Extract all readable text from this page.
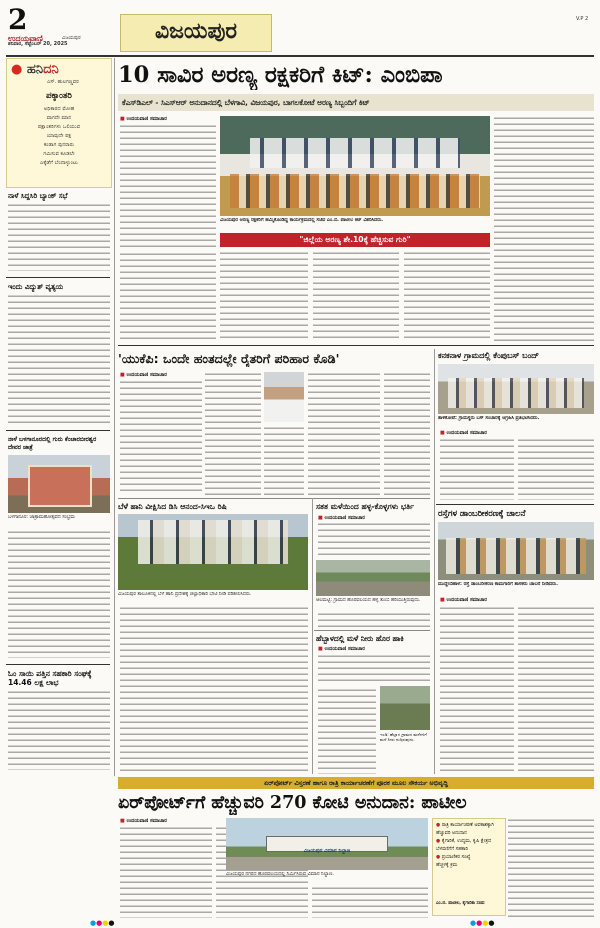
2
ಉದಯವಾಣಿ	ವಿಜಯಪುರ
ಶನಿವಾರ, ಸೆಪ್ಟೆಂಬರ್ 20, 2025	ವಿಜಯಪುರ	V.P 2
● ಹನಿದನಿ
ಎಸ್. ಹುಲಗಣ್ಣವರ
ಪಕ್ಕಾಂತರಿ
ಅಧಿಕಾರದ ಮೋಹ
ವಾಗದೇ ಮಾನ
ಪಕ್ಷಾಂತರಿಗಳು ಒಲಿಯುವ
ಯಾವುದೇ ಪಕ್ಷ
ಕಂಡಾಗ ಪುನರಾರು
ಗಮಿಸುವ ಕೂಡಲೇ
ಎಕ್ಕೆಡೆಗೆ ಬೆಂದಾಳ್ಳುಂಟು
ನಾಳೆ ಸಿದ್ದಸಿರಿ ಬ್ಯಾಂಕ್ ಸಭೆ
ಇಂದು ವಿದ್ಯುತ್ ವ್ಯತ್ಯಯ
ನಾಳೆ ಬಳಗಾನೂರದಲ್ಲಿ ಗುರು ಕೆಂಚಾರಬೀರಶ್ವರ ದೇವರ ಜಾತ್ರೆ
ಬಳಗಾನೂರ: ಜಾತ್ರಾಮಹೋತ್ಸವದ ಸಂಭ್ರಮ
ಓಂ ಸಾಯಿ ಪತ್ತಿನ ಸಹಕಾರಿ ಸಂಘಕ್ಕೆ 14.46 ಲಕ್ಷ ಲಾಭ
10 ಸಾವಿರ ಅರಣ್ಯ ರಕ್ಷಕರಿಗೆ ಕಿಟ್: ಎಂಬಿಪಾ
ಕೆಎಸ್‌ಡಿಎಲ್ - ಸಿಎಸ್‌ಆರ್ ಅನುದಾನದಲ್ಲಿ ಬೆಳಗಾವಿ, ವಿಜಯಪುರ, ಬಾಗಲಕೋಟೆ ಅರಣ್ಯ ಸಿಬ್ಬಂದಿಗೆ ಕಿಟ್
■ ಉದಯವಾಣಿ ಸಮಾಚಾರ
ವಿಜಯಪುರ ಅರಣ್ಯ ರಕ್ಷಕರಿಗೆ ಹಮ್ಮಿಕೊಂಡಿದ್ದ ಕಾರ್ಯಕ್ರಮದಲ್ಲಿ ಸಚಿವ ಎಂ.ಬಿ. ಪಾಟೀಲ ಕಿಟ್ ವಿತರಿಸಿದರು.
"ಜಿಲ್ಲೆಯ ಅರಣ್ಯ ಶೇ.10ಕ್ಕೆ ಹೆಚ್ಚಿಸುವ ಗುರಿ"
'ಯುಕೆಪಿ: ಒಂದೇ ಹಂತದಲ್ಲೇ ರೈತರಿಗೆ ಪರಿಹಾರ ಕೊಡಿ'
■ ಉದಯವಾಣಿ ಸಮಾಚಾರ
ಬೆಳೆ ಹಾನಿ ವೀಕ್ಷಿಸಿದ ಡಿಸಿ ಆನಂದ-ಸಿಇಒ ರಿಷಿ
ವಿಜಯಪುರ ತಾಲೂಕಿನಲ್ಲಿ ಬೆಳೆ ಹಾನಿ ಪ್ರದೇಶಕ್ಕೆ ಜಿಲ್ಲಾಧಿಕಾರಿ ಭೇಟಿ ನೀಡಿ ಪರಿಶೀಲಿಸಿದರು.
ಸತತ ಮಳೆಯಿಂದ ಹಳ್ಳ-ಕೊಳ್ಳಗಳು ಭರ್ತಿ
■ ಉದಯವಾಣಿ ಸಮಾಚಾರ
ಆಲಮಟ್ಟಿ: ಗ್ರಾಮದ ಹೊರವಲಯದ ಹಳ್ಳ ತುಂಬಿ ಹರಿಯುತ್ತಿರುವುದು.
ಹೆಬ್ಬಾಳದಲ್ಲಿ ಮಳೆ ನೀರು ಹೊರ ಹಾಕಿ
■ ಉದಯವಾಣಿ ಸಮಾಚಾರ
ಇಂಡಿ: ಹೆಬ್ಬಾಳ ಗ್ರಾಮದ ಮನೆಗಳಿಗೆ ಮಳೆ ನೀರು ನುಗ್ಗಿರುವುದು.
ಕನಕನಾಳ ಗ್ರಾಮದಲ್ಲಿ ಕೆಂಪುಬಸ್ ಬಂದ್
ತಾಳಿಕೋಟೆ: ಗ್ರಾಮಸ್ಥರು ಬಸ್ ಸಂಚಾರಕ್ಕೆ ಆಗ್ರಹಿಸಿ ಪ್ರತಿಭಟಿಸಿದರು.
■ ಉದಯವಾಣಿ ಸಮಾಚಾರ
ರಸ್ತೆಗಳ ಡಾಂಬರೀಕರಣಕ್ಕೆ ಚಾಲನೆ
ಮುದ್ದೇಬಿಹಾಳ: ರಸ್ತೆ ಡಾಂಬರೀಕರಣ ಕಾಮಗಾರಿಗೆ ಶಾಸಕರು ಚಾಲನೆ ನೀಡಿದರು.
■ ಉದಯವಾಣಿ ಸಮಾಚಾರ
ಏರ್‌ಪೋರ್ಟ್ ವಿಸ್ತರಣೆ ಹಾಗೂ ರಾತ್ರಿ ಕಾರ್ಯಾಚರಣೆಗೆ ಪೂರಕ ಮೂಲ ಸೌಕರ್ಯ ಅಭಿವೃದ್ಧಿ
ಏರ್‌ಪೋರ್ಟ್‌ಗೆ ಹೆಚ್ಚುವರಿ 270 ಕೋಟಿ ಅನುದಾನ: ಪಾಟೀಲ
■ ಉದಯವಾಣಿ ಸಮಾಚಾರ
ವಿಜಯಪುರ ವಿಮಾನ ನಿಲ್ದಾಣ
ವಿಜಯಪುರ ನಗರದ ಹೊರವಲಯದಲ್ಲಿ ನಿರ್ಮಿಸಿರುವ ವಿಮಾನ ನಿಲ್ದಾಣ.
● ರಾತ್ರಿ ಕಾರ್ಯಾಚರಣೆ ಅವಕಾಶಕ್ಕಾಗಿ
ಹೆಚ್ಚುವರಿ ಅನುದಾನ
● ಕೈಗಾರಿಕೆ, ಉದ್ಯಮ, ಕೃಷಿ ಕ್ಷೇತ್ರದ
ಬೆಳವಣಿಗೆಗೆ ಸಹಕಾರಿ
● ಪ್ರಯಾಣಿಕರ ಸಂಖ್ಯೆ
ಹೆಚ್ಚಳಕ್ಕೆ ಕ್ರಮ
ಎಂ.ಬಿ. ಪಾಟೀಲ, ಕೈಗಾರಿಕಾ ಸಚಿವ
●●●●	●●●●
